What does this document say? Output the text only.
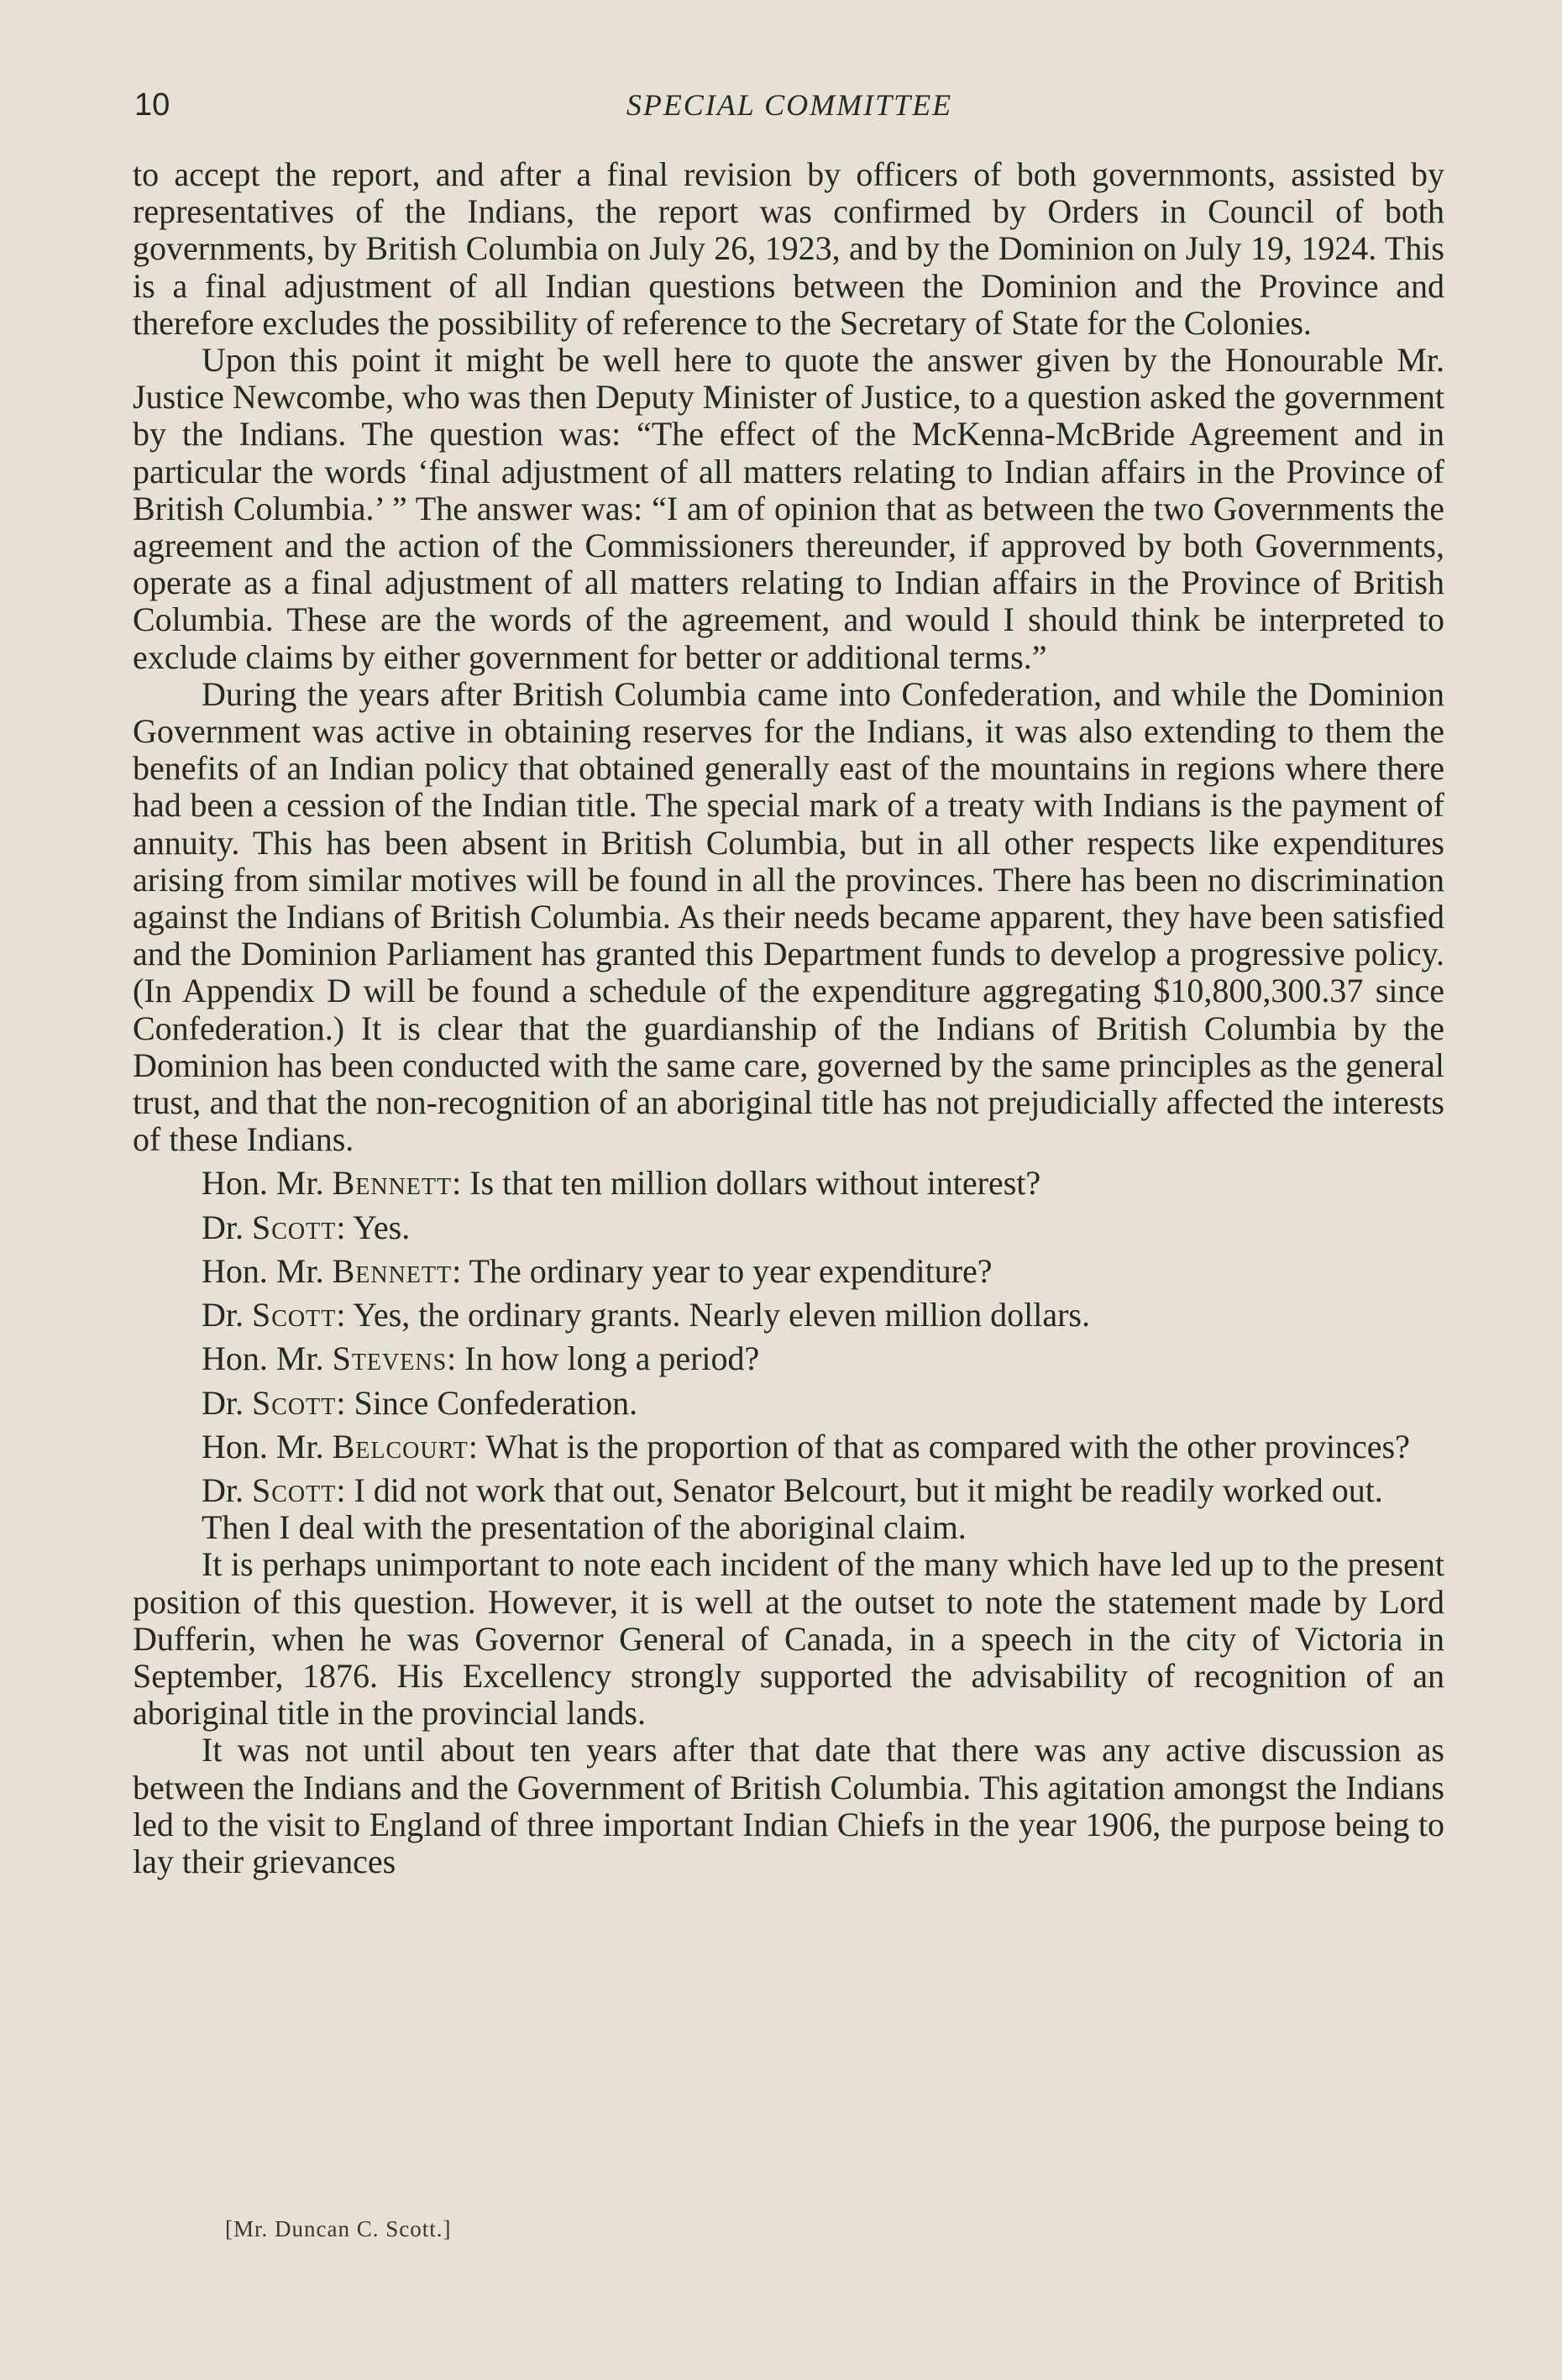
10	SPECIAL COMMITTEE

to accept the report, and after a final revision by officers of both governmonts, assisted by representatives of the Indians, the report was confirmed by Orders in Council of both governments, by British Columbia on July 26, 1923, and by the Dominion on July 19, 1924. This is a final adjustment of all Indian questions between the Dominion and the Province and therefore excludes the possibility of reference to the Secretary of State for the Colonies.

Upon this point it might be well here to quote the answer given by the Honourable Mr. Justice Newcombe, who was then Deputy Minister of Justice, to a question asked the government by the Indians. The question was: “The effect of the McKenna-McBride Agreement and in particular the words ‘final adjustment of all matters relating to Indian affairs in the Province of British Columbia.’ ” The answer was: “I am of opinion that as between the two Governments the agreement and the action of the Commissioners thereunder, if approved by both Governments, operate as a final adjustment of all matters relating to Indian affairs in the Province of British Columbia. These are the words of the agreement, and would I should think be interpreted to exclude claims by either government for better or additional terms.”

During the years after British Columbia came into Confederation, and while the Dominion Government was active in obtaining reserves for the Indians, it was also extending to them the benefits of an Indian policy that obtained generally east of the mountains in regions where there had been a cession of the Indian title. The special mark of a treaty with Indians is the payment of annuity. This has been absent in British Columbia, but in all other respects like expenditures arising from similar motives will be found in all the provinces. There has been no discrimination against the Indians of British Columbia. As their needs became apparent, they have been satisfied and the Dominion Parliament has granted this Department funds to develop a progressive policy. (In Appendix D will be found a schedule of the expenditure aggregating $10,800,300.37 since Confederation.) It is clear that the guardianship of the Indians of British Columbia by the Dominion has been conducted with the same care, governed by the same principles as the general trust, and that the non-recognition of an aboriginal title has not prejudicially affected the interests of these Indians.

Hon. Mr. Bennett: Is that ten million dollars without interest?

Dr. Scott: Yes.

Hon. Mr. Bennett: The ordinary year to year expenditure?

Dr. Scott: Yes, the ordinary grants. Nearly eleven million dollars.

Hon. Mr. Stevens: In how long a period?

Dr. Scott: Since Confederation.

Hon. Mr. Belcourt: What is the proportion of that as compared with the other provinces?

Dr. Scott: I did not work that out, Senator Belcourt, but it might be readily worked out.

Then I deal with the presentation of the aboriginal claim.

It is perhaps unimportant to note each incident of the many which have led up to the present position of this question. However, it is well at the outset to note the statement made by Lord Dufferin, when he was Governor General of Canada, in a speech in the city of Victoria in September, 1876. His Excellency strongly supported the advisability of recognition of an aboriginal title in the provincial lands.

It was not until about ten years after that date that there was any active discussion as between the Indians and the Government of British Columbia. This agitation amongst the Indians led to the visit to England of three important Indian Chiefs in the year 1906, the purpose being to lay their grievances

[Mr. Duncan C. Scott.]
